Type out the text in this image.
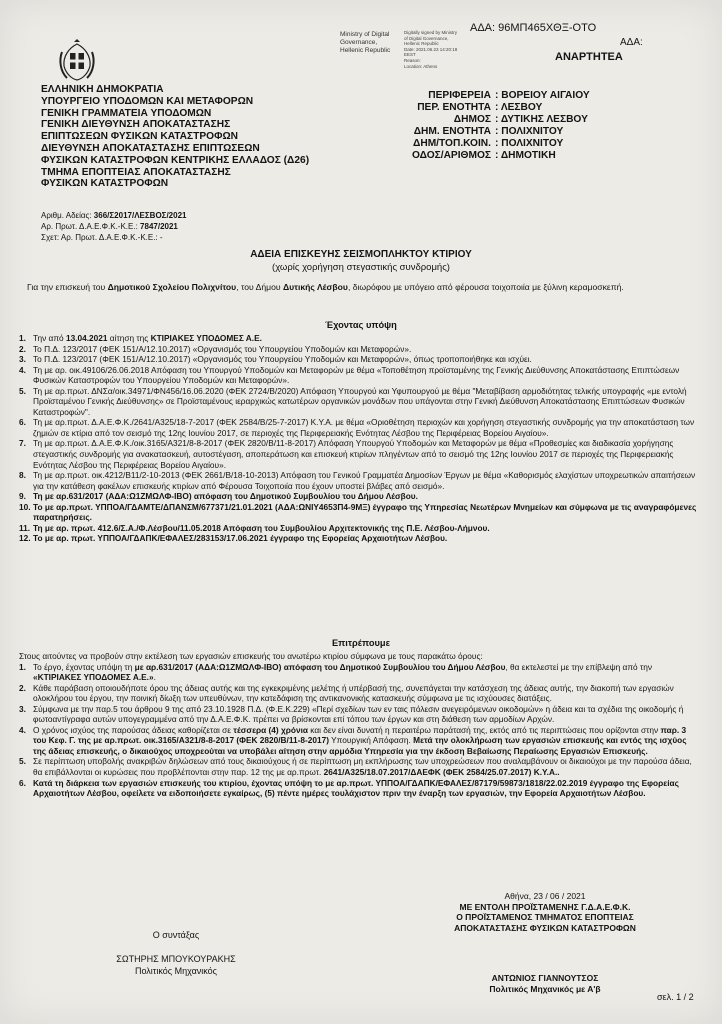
Ministry of Digital
Governance,
Hellenic Republic
Digitally signed by Ministry
of Digital Governance,
Hellenic Republic
Date: 2021.06.23 14:20:18
EEST
Reason:
Location: Athens
ΑΔΑ: 96ΜΠ465ΧΘΞ-ΟΤΟ
ΑΔΑ:
ΑΝΑΡΤΗΤΕΑ
ΕΛΛΗΝΙΚΗ ΔΗΜΟΚΡΑΤΙΑ
ΥΠΟΥΡΓΕΙΟ ΥΠΟΔΟΜΩΝ ΚΑΙ ΜΕΤΑΦΟΡΩΝ
ΓΕΝΙΚΗ ΓΡΑΜΜΑΤΕΙΑ ΥΠΟΔΟΜΩΝ
ΓΕΝΙΚΗ ΔΙΕΥΘΥΝΣΗ ΑΠΟΚΑΤΑΣΤΑΣΗΣ
ΕΠΙΠΤΩΣΕΩΝ ΦΥΣΙΚΩΝ ΚΑΤΑΣΤΡΟΦΩΝ
ΔΙΕΥΘΥΝΣΗ ΑΠΟΚΑΤΑΣΤΑΣΗΣ ΕΠΙΠΤΩΣΕΩΝ
ΦΥΣΙΚΩΝ ΚΑΤΑΣΤΡΟΦΩΝ ΚΕΝΤΡΙΚΗΣ ΕΛΛΑΔΟΣ (Δ26)
ΤΜΗΜΑ ΕΠΟΠΤΕΙΑΣ ΑΠΟΚΑΤΑΣΤΑΣΗΣ
ΦΥΣΙΚΩΝ ΚΑΤΑΣΤΡΟΦΩΝ
Αριθμ. Αδείας: 366/Σ2017/ΛΕΣΒΟΣ/2021
Αρ. Πρωτ. Δ.Α.Ε.Φ.Κ.-Κ.Ε.: 7847/2021
Σχετ: Αρ. Πρωτ. Δ.Α.Ε.Φ.Κ.-Κ.Ε.: -
ΠΕΡΙΦΕΡΕΙΑ : ΒΟΡΕΙΟΥ ΑΙΓΑΙΟΥ
ΠΕΡ. ΕΝΟΤΗΤΑ : ΛΕΣΒΟΥ
ΔΗΜΟΣ : ΔΥΤΙΚΗΣ ΛΕΣΒΟΥ
ΔΗΜ. ΕΝΟΤΗΤΑ : ΠΟΛΙΧΝΙΤΟΥ
ΔΗΜ/ΤΟΠ.ΚΟΙΝ. : ΠΟΛΙΧΝΙΤΟΥ
ΟΔΟΣ/ΑΡΙΘΜΟΣ : ΔΗΜΟΤΙΚΗ
ΑΔΕΙΑ ΕΠΙΣΚΕΥΗΣ ΣΕΙΣΜΟΠΛΗΚΤΟΥ ΚΤΙΡΙΟΥ
(χωρίς χορήγηση στεγαστικής συνδρομής)
Για την επισκευή του Δημοτικού Σχολείου Πολιχνίτου, του Δήμου Δυτικής Λέσβου, διωρόφου με υπόγειο από φέρουσα τοιχοποιία με ξύλινη κεραμοσκεπή.
Έχοντας υπόψη
1. Την από 13.04.2021 αίτηση της ΚΤΙΡΙΑΚΕΣ ΥΠΟΔΟΜΕΣ Α.Ε.
2. Το Π.Δ. 123/2017 (ΦΕΚ 151/Α/12.10.2017) «Οργανισμός του Υπουργείου Υποδομών και Μεταφορών».
3. Το Π.Δ. 123/2017 (ΦΕΚ 151/Α/12.10.2017) «Οργανισμός του Υπουργείου Υποδομών και Μεταφορών», όπως τροποποιήθηκε και ισχύει.
4. Τη με αρ. οικ.49106/26.06.2018 Απόφαση του Υπουργού Υποδομών και Μεταφορών με θέμα «Τοποθέτηση προϊσταμένης της Γενικής Διεύθυνσης Αποκατάστασης Επιπτώσεων Φυσικών Καταστροφών του Υπουργείου Υποδομών και Μεταφορών».
5. Τη με αρ.πρωτ. ΔΝΣα/οικ.34971/ΦΝ456/16.06.2020 (ΦΕΚ 2724/Β/2020) Απόφαση Υπουργού και Υφυπουργού με θέμα "Μεταβίβαση αρμοδιότητας τελικής υπογραφής «με εντολή Προϊσταμένου Γενικής Διεύθυνσης» σε Προϊσταμένους ιεραρχικώς κατωτέρων οργανικών μονάδων που υπάγονται στην Γενική Διεύθυνση Αποκατάστασης Επιπτώσεων Φυσικών Καταστροφών".
6. Τη με αρ.πρωτ. Δ.Α.Ε.Φ.Κ./2641/Α325/18-7-2017 (ΦΕΚ 2584/Β/25-7-2017) Κ.Υ.Α. με θέμα «Οριοθέτηση περιοχών και χορήγηση στεγαστικής συνδρομής για την αποκατάσταση των ζημιών σε κτίρια από τον σεισμό της 12ης Ιουνίου 2017, σε περιοχές της Περιφερειακής Ενότητας Λέσβου της Περιφέρειας Βορείου Αιγαίου».
7. Τη με αρ.πρωτ. Δ.Α.Ε.Φ.Κ./οικ.3165/Α321/8-8-2017 (ΦΕΚ 2820/Β/11-8-2017) Απόφαση Υπουργού Υποδομών και Μεταφορών με θέμα «Προθεσμίες και διαδικασία χορήγησης στεγαστικής συνδρομής για ανακατασκευή, αυτοστέγαση, αποπεράτωση και επισκευή κτιρίων πληγέντων από το σεισμό της 12ης Ιουνίου 2017 σε περιοχές της Περιφερειακής Ενότητας Λέσβου της Περιφέρειας Βορείου Αιγαίου».
8. Τη με αρ.πρωτ. οικ.4212/Β11/2-10-2013 (ΦΕΚ 2661/Β/18-10-2013) Απόφαση του Γενικού Γραμματέα Δημοσίων Έργων με θέμα «Καθορισμός ελαχίστων υποχρεωτικών απαιτήσεων για την κατάθεση φακέλων επισκευής κτιρίων από Φέρουσα Τοιχοποιία που έχουν υποστεί βλάβες από σεισμό».
9. Τη με αρ.631/2017 (ΑΔΑ:Ω1ΖΜΩΛΦ-ΙΒΟ) απόφαση του Δημοτικού Συμβουλίου του Δήμου Λέσβου.
10. Το με αρ.πρωτ. ΥΠΠΟΑ/ΓΔΑΜΤΕ/ΔΠΑΝΣΜ/677371/21.01.2021 (ΑΔΑ:ΩΝΙΥ4653Π4-9ΜΞ) έγγραφο της Υπηρεσίας Νεωτέρων Μνημείων και σύμφωνα με τις αναγραφόμενες παρατηρήσεις.
11. Τη με αρ. πρωτ. 412.6/Σ.Α./Φ.Λέσβου/11.05.2018 Απόφαση του Συμβουλίου Αρχιτεκτονικής της Π.Ε. Λέσβου-Λήμνου.
12. Το με αρ. πρωτ. ΥΠΠΟΑ/ΓΔΑΠΚ/ΕΦΑΛΕΣ/283153/17.06.2021 έγγραφο της Εφορείας Αρχαιοτήτων Λέσβου.
Επιτρέπουμε
Στους αιτούντες να προβούν στην εκτέλεση των εργασιών επισκευής του ανωτέρω κτιρίου σύμφωνα με τους παρακάτω όρους:
1. Το έργο, έχοντας υπόψη τη με αρ.631/2017 (ΑΔΑ:Ω1ΖΜΩΛΦ-ΙΒΟ) απόφαση του Δημοτικού Συμβουλίου του Δήμου Λέσβου, θα εκτελεστεί με την επίβλεψη από την «ΚΤΙΡΙΑΚΕΣ ΥΠΟΔΟΜΕΣ Α.Ε.».
2. Κάθε παράβαση οποιουδήποτε όρου της άδειας αυτής και της εγκεκριμένης μελέτης ή υπέρβασή της, συνεπάγεται την κατάσχεση της άδειας αυτής, την διακοπή των εργασιών ολοκλήρου του έργου, την ποινική δίωξη των υπευθύνων, την κατεδάφιση της αντικανονικής κατασκευής σύμφωνα με τις ισχύουσες διατάξεις.
3. Σύμφωνα με την παρ.5 του άρθρου 9 της από 23.10.1928 Π.Δ. (Φ.Ε.Κ.229) «Περί σχεδίων των εν ταις πόλεσιν ανεγειρόμενων οικοδομών» η άδεια και τα σχέδια της οικοδομής ή φωτοαντίγραφα αυτών υπογεγραμμένα από την Δ.Α.Ε.Φ.Κ. πρέπει να βρίσκονται επί τόπου των έργων και στη διάθεση των αρμοδίων Αρχών.
4. Ο χρόνος ισχύος της παρούσας άδειας καθορίζεται σε τέσσερα (4) χρόνια και δεν είναι δυνατή η περαιτέρω παράτασή της, εκτός από τις περιπτώσεις που ορίζονται στην παρ. 3 του Κεφ. Γ. της με αρ.πρωτ. οικ.3165/Α321/8-8-2017 (ΦΕΚ 2820/Β/11-8-2017) Υπουργική Απόφαση. Μετά την ολοκλήρωση των εργασιών επισκευής και εντός της ισχύος της άδειας επισκευής, ο δικαιούχος υποχρεούται να υποβάλει αίτηση στην αρμόδια Υπηρεσία για την έκδοση Βεβαίωσης Περαίωσης Εργασιών Επισκευής.
5. Σε περίπτωση υποβολής ανακριβών δηλώσεων από τους δικαιούχους ή σε περίπτωση μη εκπλήρωσης των υποχρεώσεων που αναλαμβάνουν οι δικαιούχοι με την παρούσα άδεια, θα επιβάλλονται οι κυρώσεις που προβλέπονται στην παρ. 12 της με αρ.πρωτ. 2641/Α325/18.07.2017/ΔΑΕΦΚ (ΦΕΚ 2584/25.07.2017) Κ.Υ.Α..
6. Κατά τη διάρκεια των εργασιών επισκευής του κτιρίου, έχοντας υπόψη το με αρ.πρωτ. ΥΠΠΟΑ/ΓΔΑΠΚ/ΕΦΑΛΕΣ/87179/59873/1818/22.02.2019 έγγραφο της Εφορείας Αρχαιοτήτων Λέσβου, οφείλετε να ειδοποιήσετε εγκαίρως, (5) πέντε ημέρες τουλάχιστον πριν την έναρξη των εργασιών, την Εφορεία Αρχαιοτήτων Λέσβου.
Ο συντάξας
ΣΩΤΗΡΗΣ ΜΠΟΥΚΟΥΡΑΚΗΣ
Πολιτικός Μηχανικός
Αθήνα, 23 / 06 / 2021
ΜΕ ΕΝΤΟΛΗ ΠΡΟΪΣΤΑΜΕΝΗΣ Γ.Δ.Α.Ε.Φ.Κ.
Ο ΠΡΟΪΣΤΑΜΕΝΟΣ ΤΜΗΜΑΤΟΣ ΕΠΟΠΤΕΙΑΣ
ΑΠΟΚΑΤΑΣΤΑΣΗΣ ΦΥΣΙΚΩΝ ΚΑΤΑΣΤΡΟΦΩΝ
ΑΝΤΩΝΙΟΣ ΓΙΑΝΝΟΥΤΣΟΣ
Πολιτικός Μηχανικός με Α'β
σελ. 1 / 2
